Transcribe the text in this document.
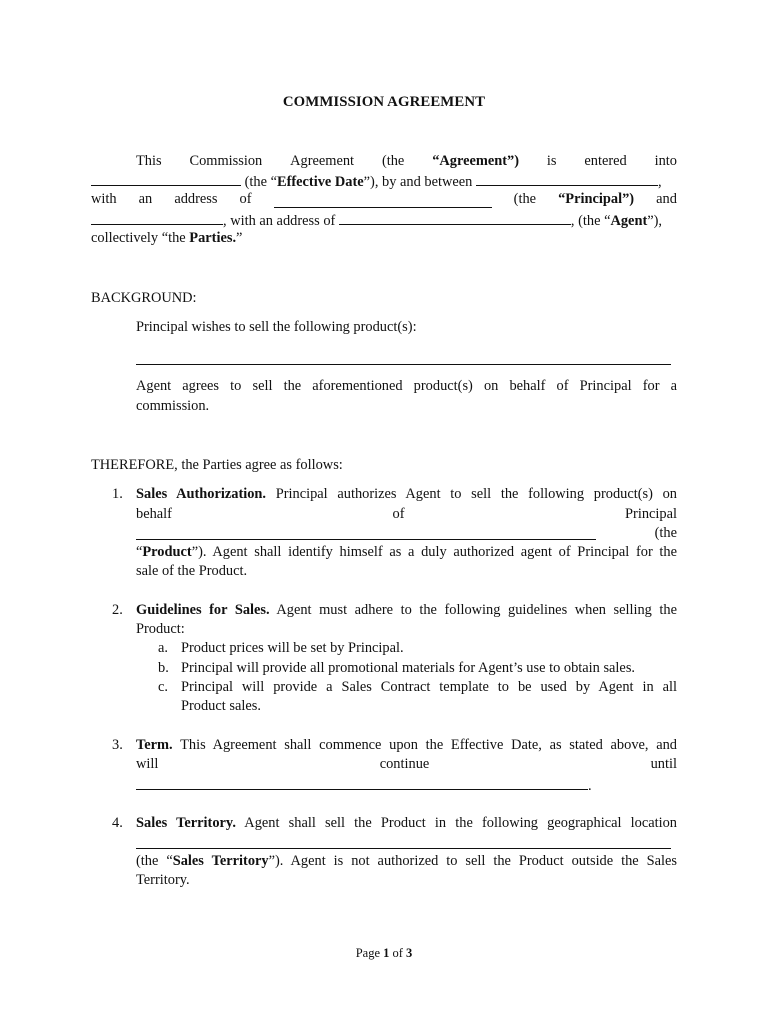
COMMISSION AGREEMENT
This Commission Agreement (the “Agreement”) is entered into
(the “Effective Date”), by and between	,
with an address of	(the “Principal”) and
, with an address of	, (the “Agent”),
collectively “the Parties.”
BACKGROUND:
Principal wishes to sell the following product(s):
Agent agrees to sell the aforementioned product(s) on behalf of Principal for a
commission.
THEREFORE, the Parties agree as follows:
1. Sales Authorization. Principal authorizes Agent to sell the following product(s) on
behalf	of	Principal
(the
“Product”). Agent shall identify himself as a duly authorized agent of Principal for the
sale of the Product.
2. Guidelines for Sales. Agent must adhere to the following guidelines when selling the
Product:
a. Product prices will be set by Principal.
b. Principal will provide all promotional materials for Agent’s use to obtain sales.
c. Principal will provide a Sales Contract template to be used by Agent in all
Product sales.
3. Term. This Agreement shall commence upon the Effective Date, as stated above, and
will	continue	until
.
4. Sales Territory. Agent shall sell the Product in the following geographical location
(the “Sales Territory”). Agent is not authorized to sell the Product outside the Sales
Territory.
Page 1 of 3
